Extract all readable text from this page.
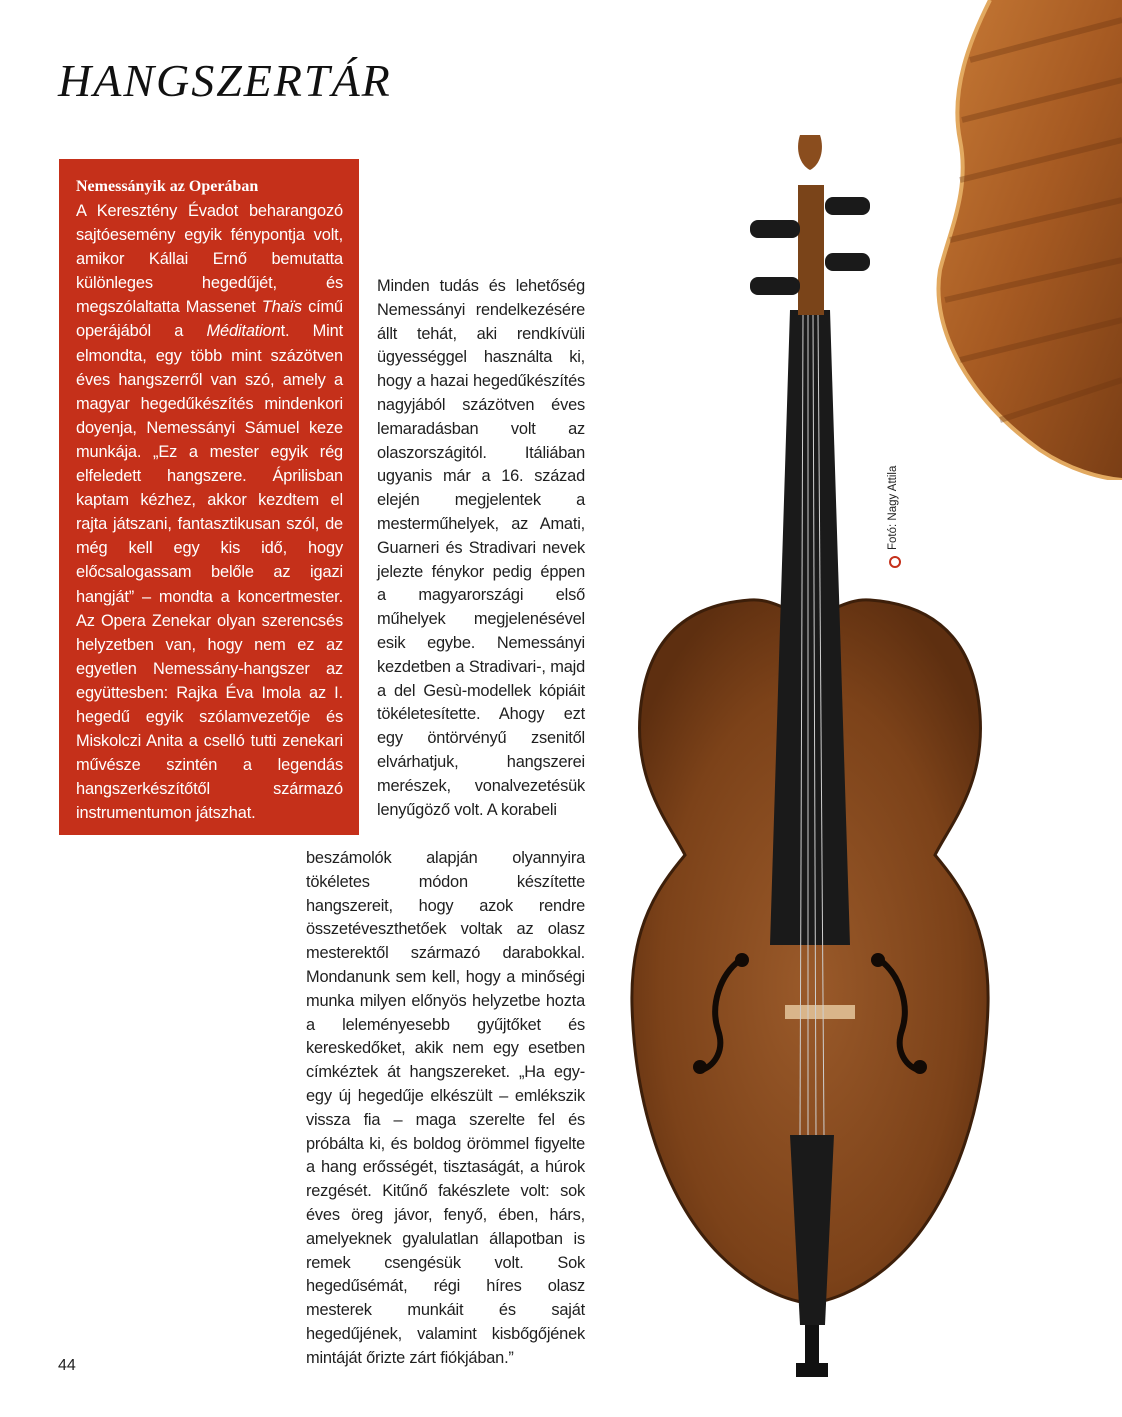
HANGSZERTÁR
Nemessányik az Operában

A Keresztény Évadot beharangozó sajtóesemény egyik fénypontja volt, amikor Kállai Ernő bemutatta különleges hegedűjét, és megszólaltatta Massenet Thaïs című operájából a Méditationt. Mint elmondta, egy több mint százötven éves hangszerről van szó, amely a magyar hegedűkészítés mindenkori doyenja, Nemessányi Sámuel keze munkája. „Ez a mester egyik rég elfeledett hangszere. Áprilisban kaptam kézhez, akkor kezdtem el rajta játszani, fantasztikusan szól, de még kell egy kis idő, hogy előcsalogassam belőle az igazi hangját” – mondta a koncertmester. Az Opera Zenekar olyan szerencsés helyzetben van, hogy nem ez az egyetlen Nemessány-hangszer az együttesben: Rajka Éva Imola az I. hegedű egyik szólamvezetője és Miskolczi Anita a cselló tutti zenekari művésze szintén a legendás hangszerkészítőtől származó instrumentumon játszhat.

Minden tudás és lehetőség Nemessányi rendelkezésére állt tehát, aki rendkívüli ügyességgel használta ki, hogy a hazai hegedűkészítés nagyjából százötven éves lemaradásban volt az olaszországitól. Itáliában ugyanis már a 16. század elején megjelentek a mesterműhelyek, az Amati, Guarneri és Stradivari nevek jelezte fénykor pedig éppen a magyarországi első műhelyek megjelenésével esik egybe. Nemessányi kezdetben a Stradivari-, majd a del Gesù-modellek kópiáit tökéletesítette. Ahogy ezt egy öntörvényű zsenitől elvárhatjuk, hangszerei merészek, vonalvezetésük lenyűgöző volt. A korabeli

beszámolók alapján olyannyira tökéletes módon készítette hangszereit, hogy azok rendre összetéveszthetőek voltak az olasz mesterektől származó darabokkal. Mondanunk sem kell, hogy a minőségi munka milyen előnyös helyzetbe hozta a leleményesebb gyűjtőket és kereskedőket, akik nem egy esetben címkéztek át hangszereket. „Ha egy-egy új hegedűje elkészült – emlékszik vissza fia – maga szerelte fel és próbálta ki, és boldog örömmel figyelte a hang erősségét, tisztaságát, a húrok rezgését. Kitűnő fakészlete volt: sok éves öreg jávor, fenyő, ében, hárs, amelyeknek gyalulatlan állapotban is remek csengésük volt. Sok hegedűsémát, régi híres olasz mesterek munkáit és saját hegedűjének, valamint kisbőgőjének mintáját őrizte zárt fiókjában.”

Fotó: Nagy Attila
44
